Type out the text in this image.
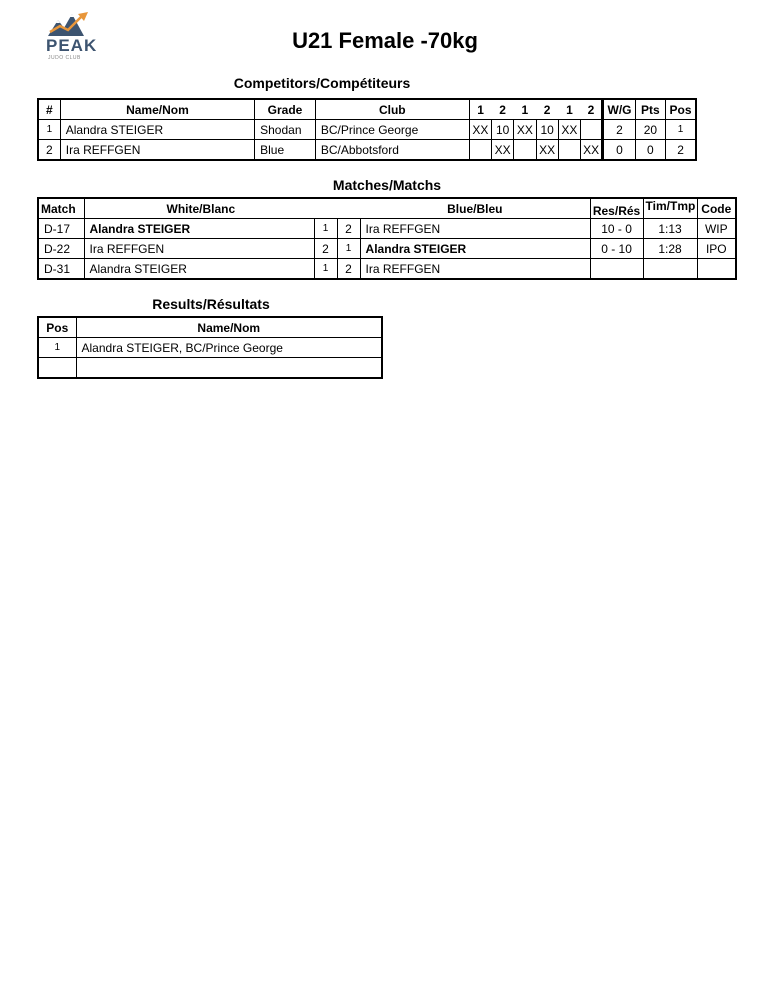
PEAK
JUDO CLUB
U21 Female -70kg
Competitors/Compétiteurs
#	Name/Nom	Grade	Club	1	2	1	2	1	2	W/G	Pts	Pos
1	Alandra STEIGER	Shodan	BC/Prince George	XX	10	XX	10	XX		2	20	1
2	Ira REFFGEN	Blue	BC/Abbotsford		XX		XX		XX	0	0	2
Matches/Matchs
Match	White/Blanc			Blue/Bleu	Res/Rés	Tim/Tmp	Code
D-17	Alandra STEIGER	1	2	Ira REFFGEN	10 - 0	1:13	WIP
D-22	Ira REFFGEN	2	1	Alandra STEIGER	0 - 10	1:28	IPO
D-31	Alandra STEIGER	1	2	Ira REFFGEN			
Results/Résultats
Pos	Name/Nom
1	Alandra STEIGER, BC/Prince George
